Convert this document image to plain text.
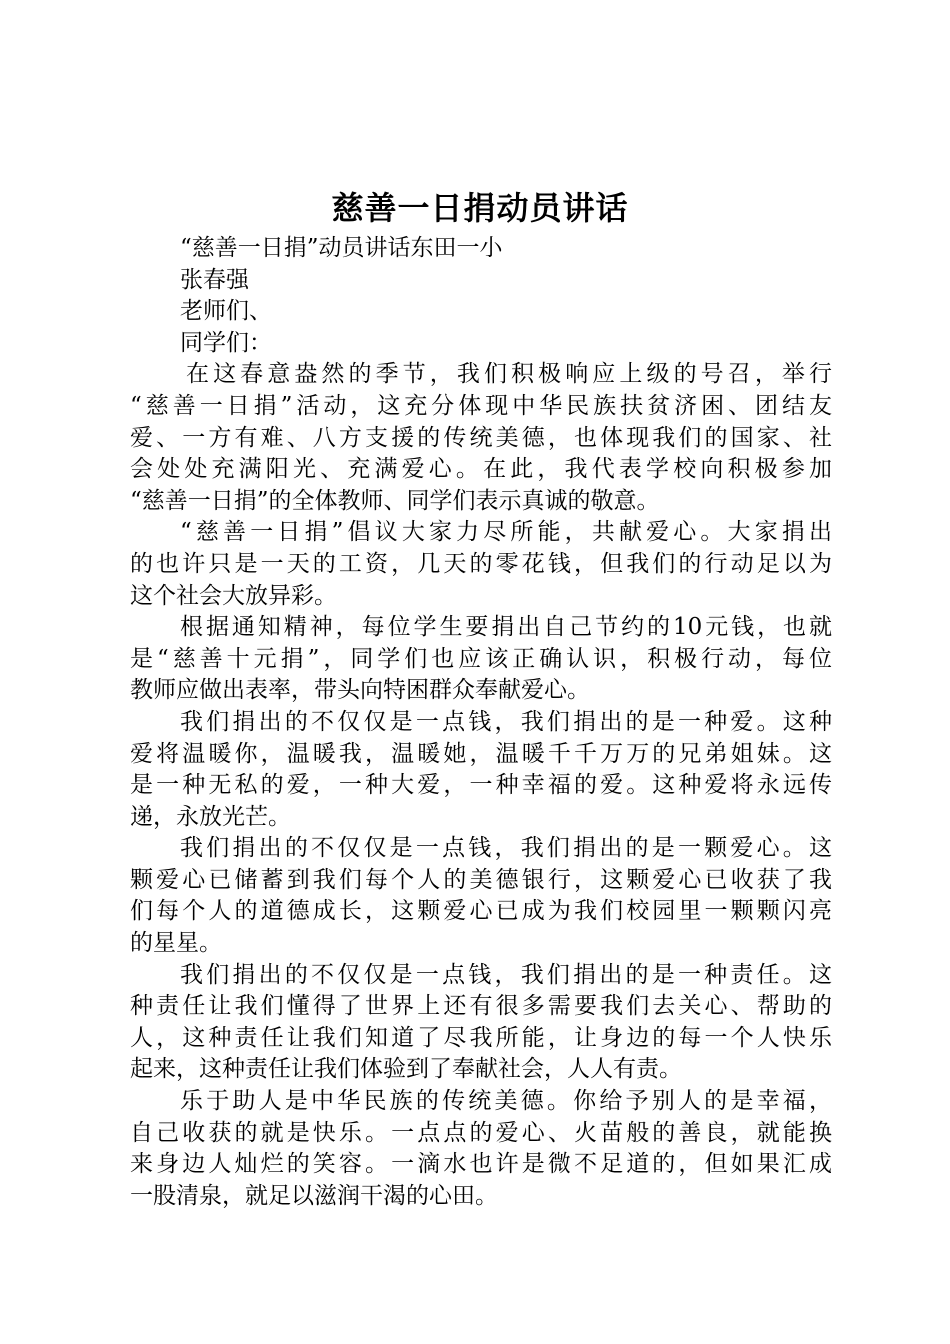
慈善一日捐动员讲话
“慈善一日捐”动员讲话东田一小
张春强
老师们、
同学们：
在这春意盎然的季节，我们积极响应上级的号召，举行
“慈善一日捐”活动，这充分体现中华民族扶贫济困、团结友
爱、一方有难、八方支援的传统美德，也体现我们的国家、社
会处处充满阳光、充满爱心。在此，我代表学校向积极参加
“慈善一日捐”的全体教师、同学们表示真诚的敬意。
“慈善一日捐”倡议大家力尽所能，共献爱心。大家捐出
的也许只是一天的工资，几天的零花钱，但我们的行动足以为
这个社会大放异彩。
根据通知精神，每位学生要捐出自己节约的10元钱，也就
是“慈善十元捐”，同学们也应该正确认识，积极行动，每位
教师应做出表率，带头向特困群众奉献爱心。
我们捐出的不仅仅是一点钱，我们捐出的是一种爱。这种
爱将温暖你，温暖我，温暖她，温暖千千万万的兄弟姐妹。这
是一种无私的爱，一种大爱，一种幸福的爱。这种爱将永远传
递，永放光芒。
我们捐出的不仅仅是一点钱，我们捐出的是一颗爱心。这
颗爱心已储蓄到我们每个人的美德银行，这颗爱心已收获了我
们每个人的道德成长，这颗爱心已成为我们校园里一颗颗闪亮
的星星。
我们捐出的不仅仅是一点钱，我们捐出的是一种责任。这
种责任让我们懂得了世界上还有很多需要我们去关心、帮助的
人，这种责任让我们知道了尽我所能，让身边的每一个人快乐
起来，这种责任让我们体验到了奉献社会，人人有责。
乐于助人是中华民族的传统美德。你给予别人的是幸福，
自己收获的就是快乐。一点点的爱心、火苗般的善良，就能换
来身边人灿烂的笑容。一滴水也许是微不足道的，但如果汇成
一股清泉，就足以滋润干渴的心田。
